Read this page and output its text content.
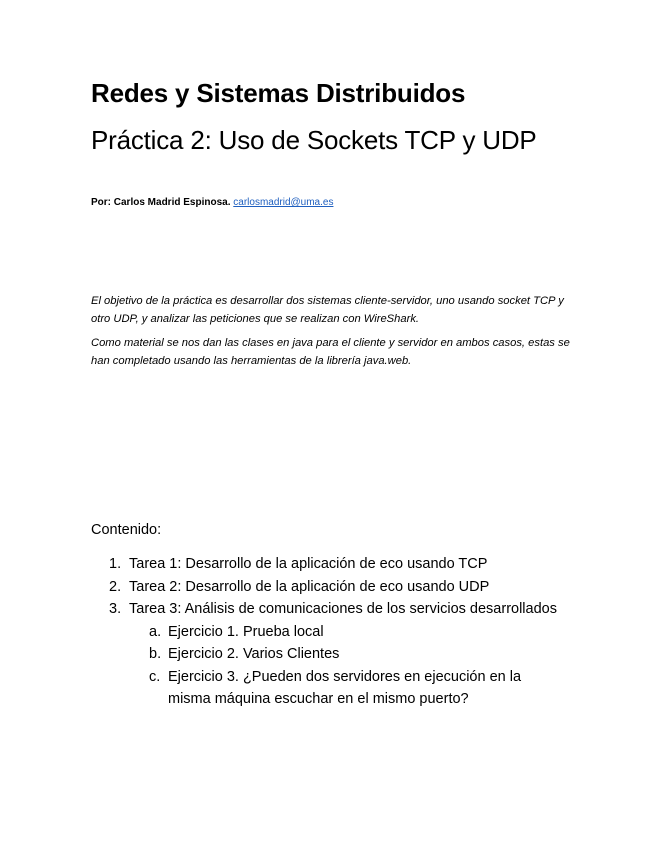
Redes y Sistemas Distribuidos
Práctica 2: Uso de Sockets TCP y UDP
Por: Carlos Madrid Espinosa. carlosmadrid@uma.es
El objetivo de la práctica es desarrollar dos sistemas cliente-servidor, uno usando socket TCP y otro UDP, y analizar las peticiones que se realizan con WireShark.
Como material se nos dan las clases en java para el cliente y servidor en ambos casos, estas se han completado usando las herramientas de la librería java.web.
Contenido:
1. Tarea 1: Desarrollo de la aplicación de eco usando TCP
2. Tarea 2: Desarrollo de la aplicación de eco usando UDP
3. Tarea 3: Análisis de comunicaciones de los servicios desarrollados
a. Ejercicio 1. Prueba local
b. Ejercicio 2. Varios Clientes
c. Ejercicio 3. ¿Pueden dos servidores en ejecución en la misma máquina escuchar en el mismo puerto?
